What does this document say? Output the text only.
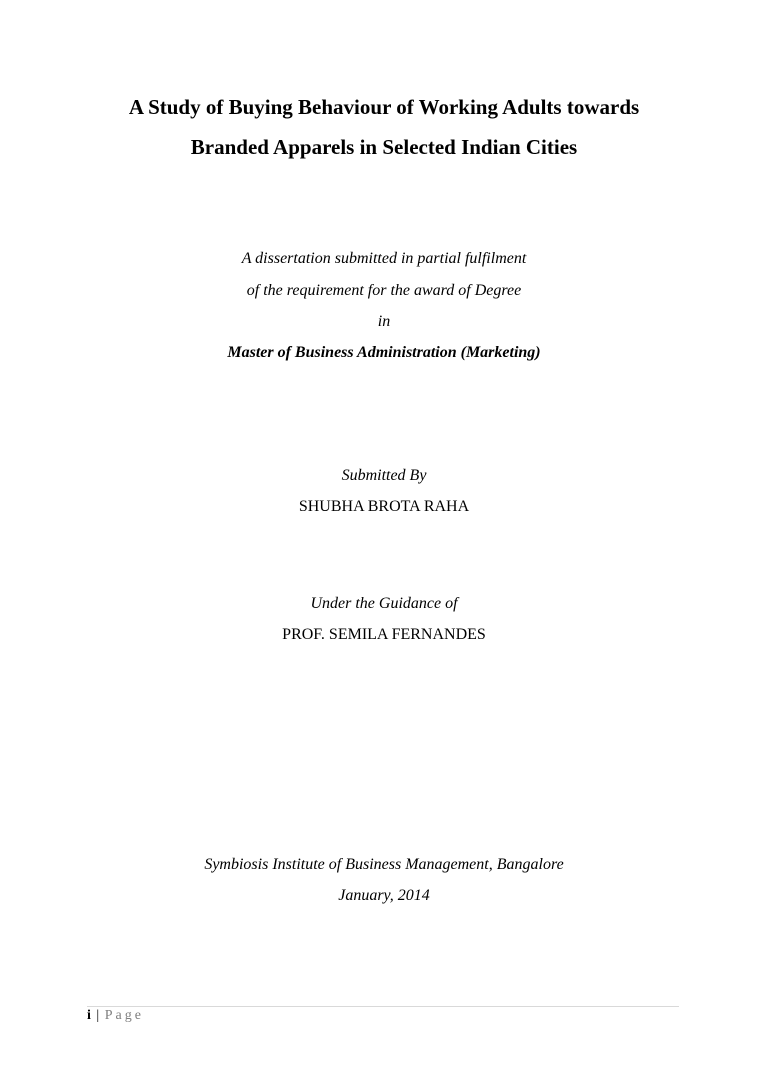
A Study of Buying Behaviour of Working Adults towards
Branded Apparels in Selected Indian Cities
A dissertation submitted in partial fulfilment
of the requirement for the award of Degree
in
Master of Business Administration (Marketing)
Submitted By
SHUBHA BROTA RAHA
Under the Guidance of
PROF. SEMILA FERNANDES
Symbiosis Institute of Business Management, Bangalore
January, 2014
i | Page
